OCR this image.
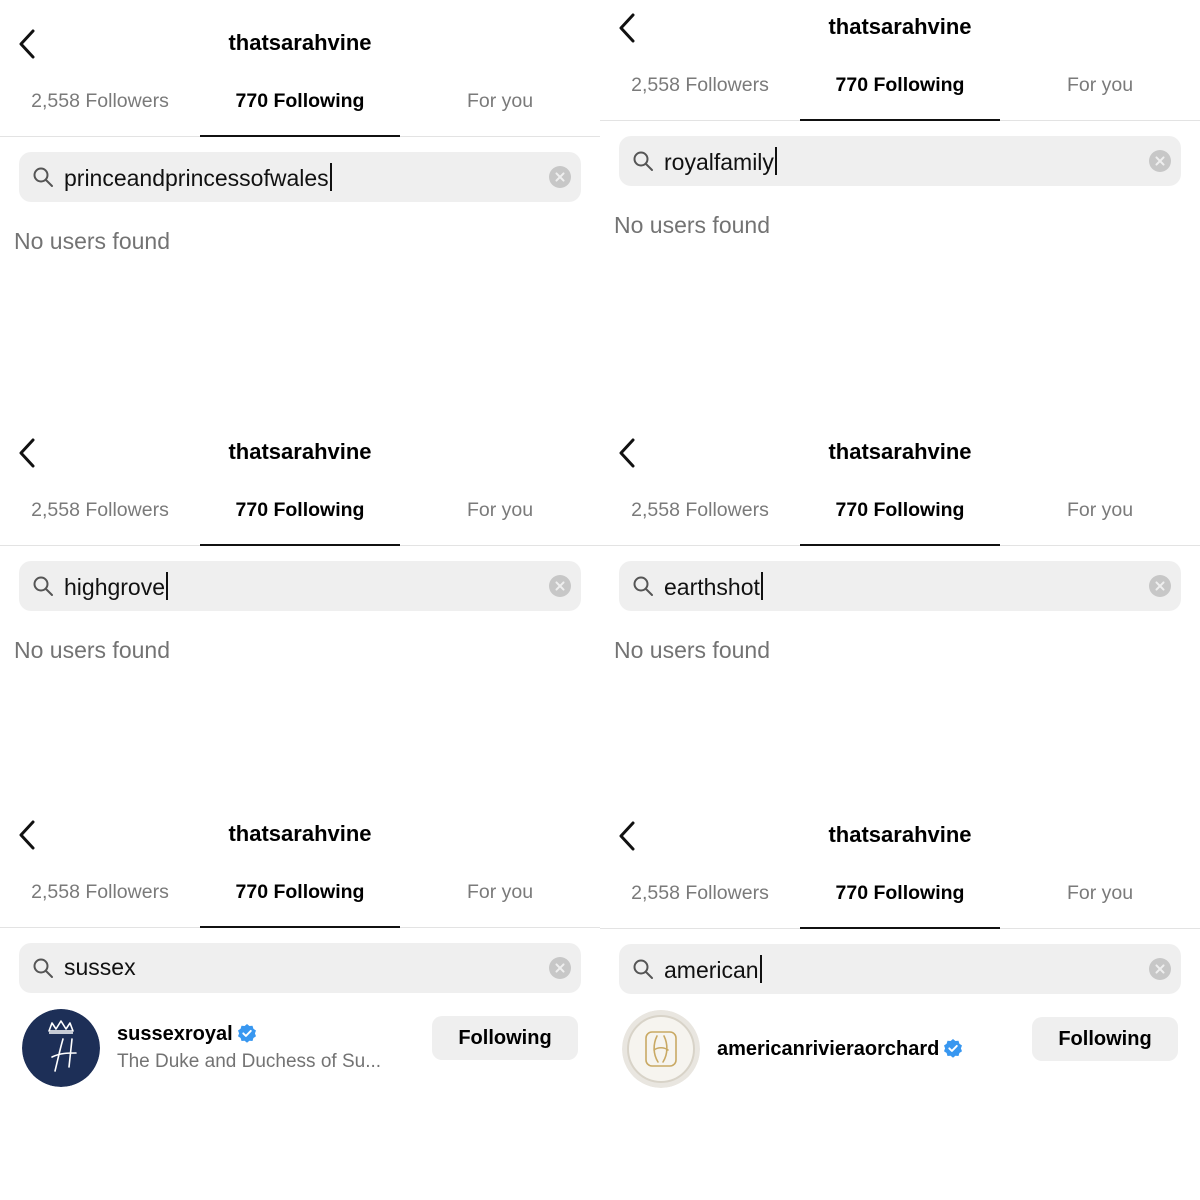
thatsarahvine
2,558 Followers	770 Following	For you
princeandprincessofwales
No users found
thatsarahvine
2,558 Followers	770 Following	For you
royalfamily
No users found
thatsarahvine
2,558 Followers	770 Following	For you
highgrove
No users found
thatsarahvine
2,558 Followers	770 Following	For you
earthshot
No users found
thatsarahvine
2,558 Followers	770 Following	For you
sussex
sussexroyal
The Duke and Duchess of Su...
Following
thatsarahvine
2,558 Followers	770 Following	For you
american
americanrivieraorchard	Following
